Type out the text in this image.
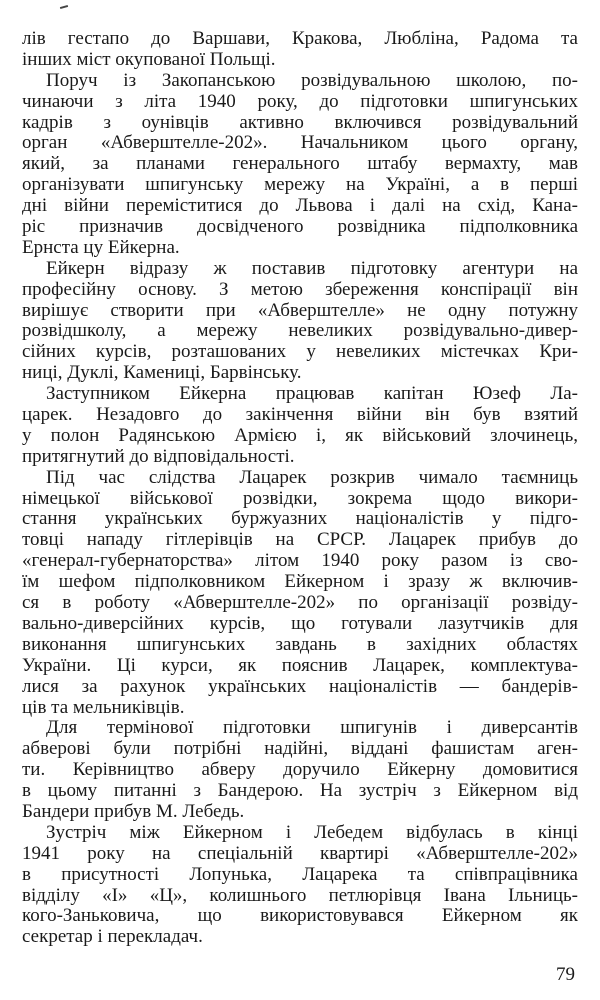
лів гестапо до Варшави, Кракова, Любліна, Радома та
інших міст окупованої Польщі.
Поруч із Закопанською розвідувальною школою, по-
чинаючи з літа 1940 року, до підготовки шпигунських
кадрів з оунівців активно включився розвідувальний
орган «Абверштелле-202». Начальником цього органу,
який, за планами генерального штабу вермахту, мав
організувати шпигунську мережу на Україні, а в перші
дні війни переміститися до Львова і далі на схід, Кана-
ріс призначив досвідченого розвідника підполковника
Ернста цу Ейкерна.
Ейкерн відразу ж поставив підготовку агентури на
професійну основу. З метою збереження конспірації він
вирішує створити при «Абверштелле» не одну потужну
розвідшколу, а мережу невеликих розвідувально-дивер-
сійних курсів, розташованих у невеликих містечках Кри-
ниці, Дуклі, Камениці, Барвінську.
Заступником Ейкерна працював капітан Юзеф Ла-
царек. Незадовго до закінчення війни він був взятий
у полон Радянською Армією і, як військовий злочинець,
притягнутий до відповідальності.
Під час слідства Лацарек розкрив чимало таємниць
німецької військової розвідки, зокрема щодо викори-
стання українських буржуазних націоналістів у підго-
товці нападу гітлерівців на СРСР. Лацарек прибув до
«генерал-губернаторства» літом 1940 року разом із сво-
їм шефом підполковником Ейкерном і зразу ж включив-
ся в роботу «Абверштелле-202» по організації розвіду-
вально-диверсійних курсів, що готували лазутчиків для
виконання шпигунських завдань в західних областях
України. Ці курси, як пояснив Лацарек, комплектува-
лися за рахунок українських націоналістів — бандерів-
ців та мельниківців.
Для термінової підготовки шпигунів і диверсантів
абверові були потрібні надійні, віддані фашистам аген-
ти. Керівництво абверу доручило Ейкерну домовитися
в цьому питанні з Бандерою. На зустріч з Ейкерном від
Бандери прибув М. Лебедь.
Зустріч між Ейкерном і Лебедем відбулась в кінці
1941 року на спеціальній квартирі «Абверштелле-202»
в присутності Лопунька, Лацарека та співпрацівника
відділу «І» «Ц», колишнього петлюрівця Івана Ільниць-
кого-Заньковича, що використовувався Ейкерном як
секретар і перекладач.
79
